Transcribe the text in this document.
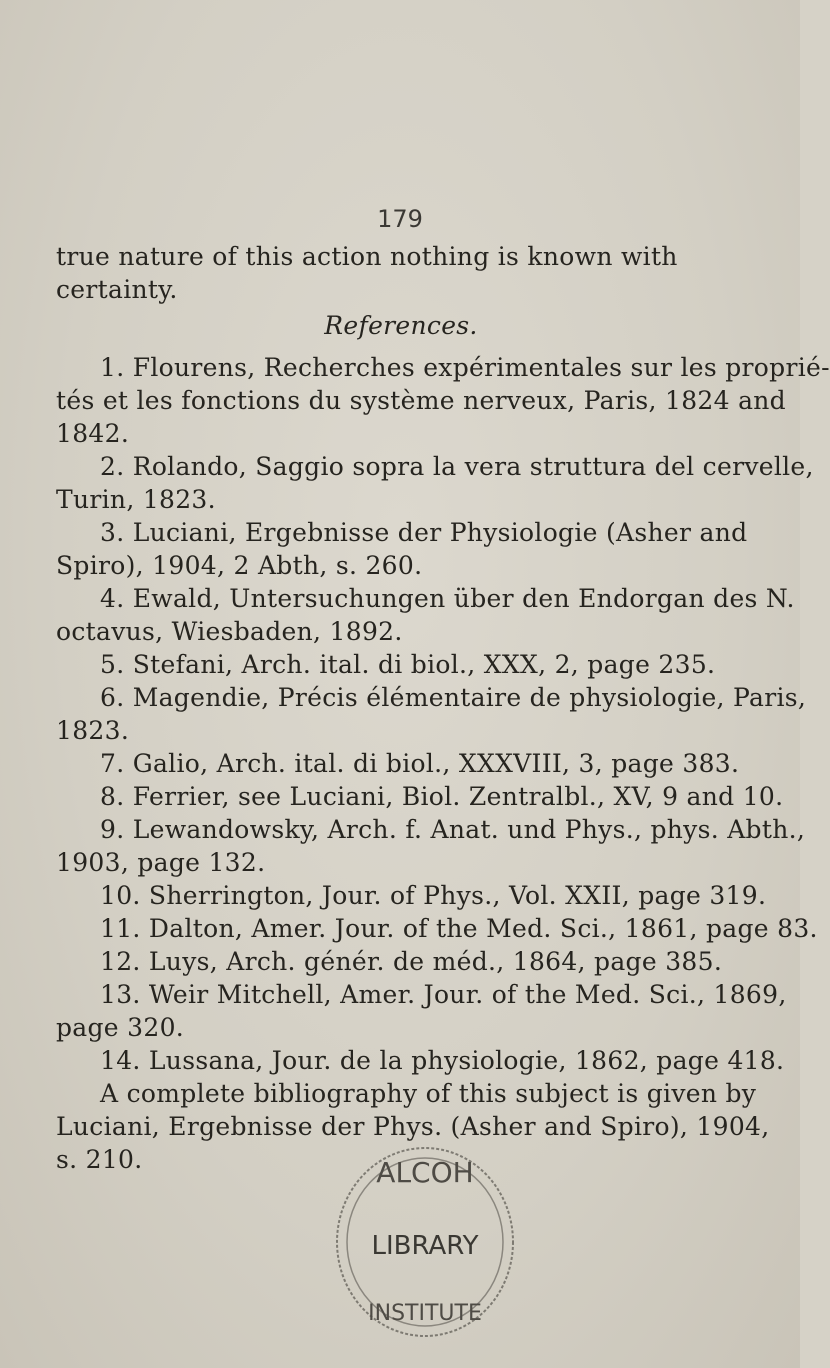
179
true nature of this action nothing is known with
certainty.
References.
1. Flourens, Recherches expérimentales sur les proprié-
tés et les fonctions du système nerveux, Paris, 1824 and
1842.
2. Rolando, Saggio sopra la vera struttura del cervelle,
Turin, 1823.
3. Luciani, Ergebnisse der Physiologie (Asher and
Spiro), 1904, 2 Abth, s. 260.
4. Ewald, Untersuchungen über den Endorgan des N.
octavus, Wiesbaden, 1892.
5. Stefani, Arch. ital. di biol., XXX, 2, page 235.
6. Magendie, Précis élémentaire de physiologie, Paris,
1823.
7. Galio, Arch. ital. di biol., XXXVIII, 3, page 383.
8. Ferrier, see Luciani, Biol. Zentralbl., XV, 9 and 10.
9. Lewandowsky, Arch. f. Anat. und Phys., phys. Abth.,
1903, page 132.
10. Sherrington, Jour. of Phys., Vol. XXII, page 319.
11. Dalton, Amer. Jour. of the Med. Sci., 1861, page 83.
12. Luys, Arch. génér. de méd., 1864, page 385.
13. Weir Mitchell, Amer. Jour. of the Med. Sci., 1869,
page 320.
14. Lussana, Jour. de la physiologie, 1862, page 418.
A complete bibliography of this subject is given by
Luciani, Ergebnisse der Phys. (Asher and Spiro), 1904,
s. 210.	ALCOH
LIBRARY
INSTITUTE
